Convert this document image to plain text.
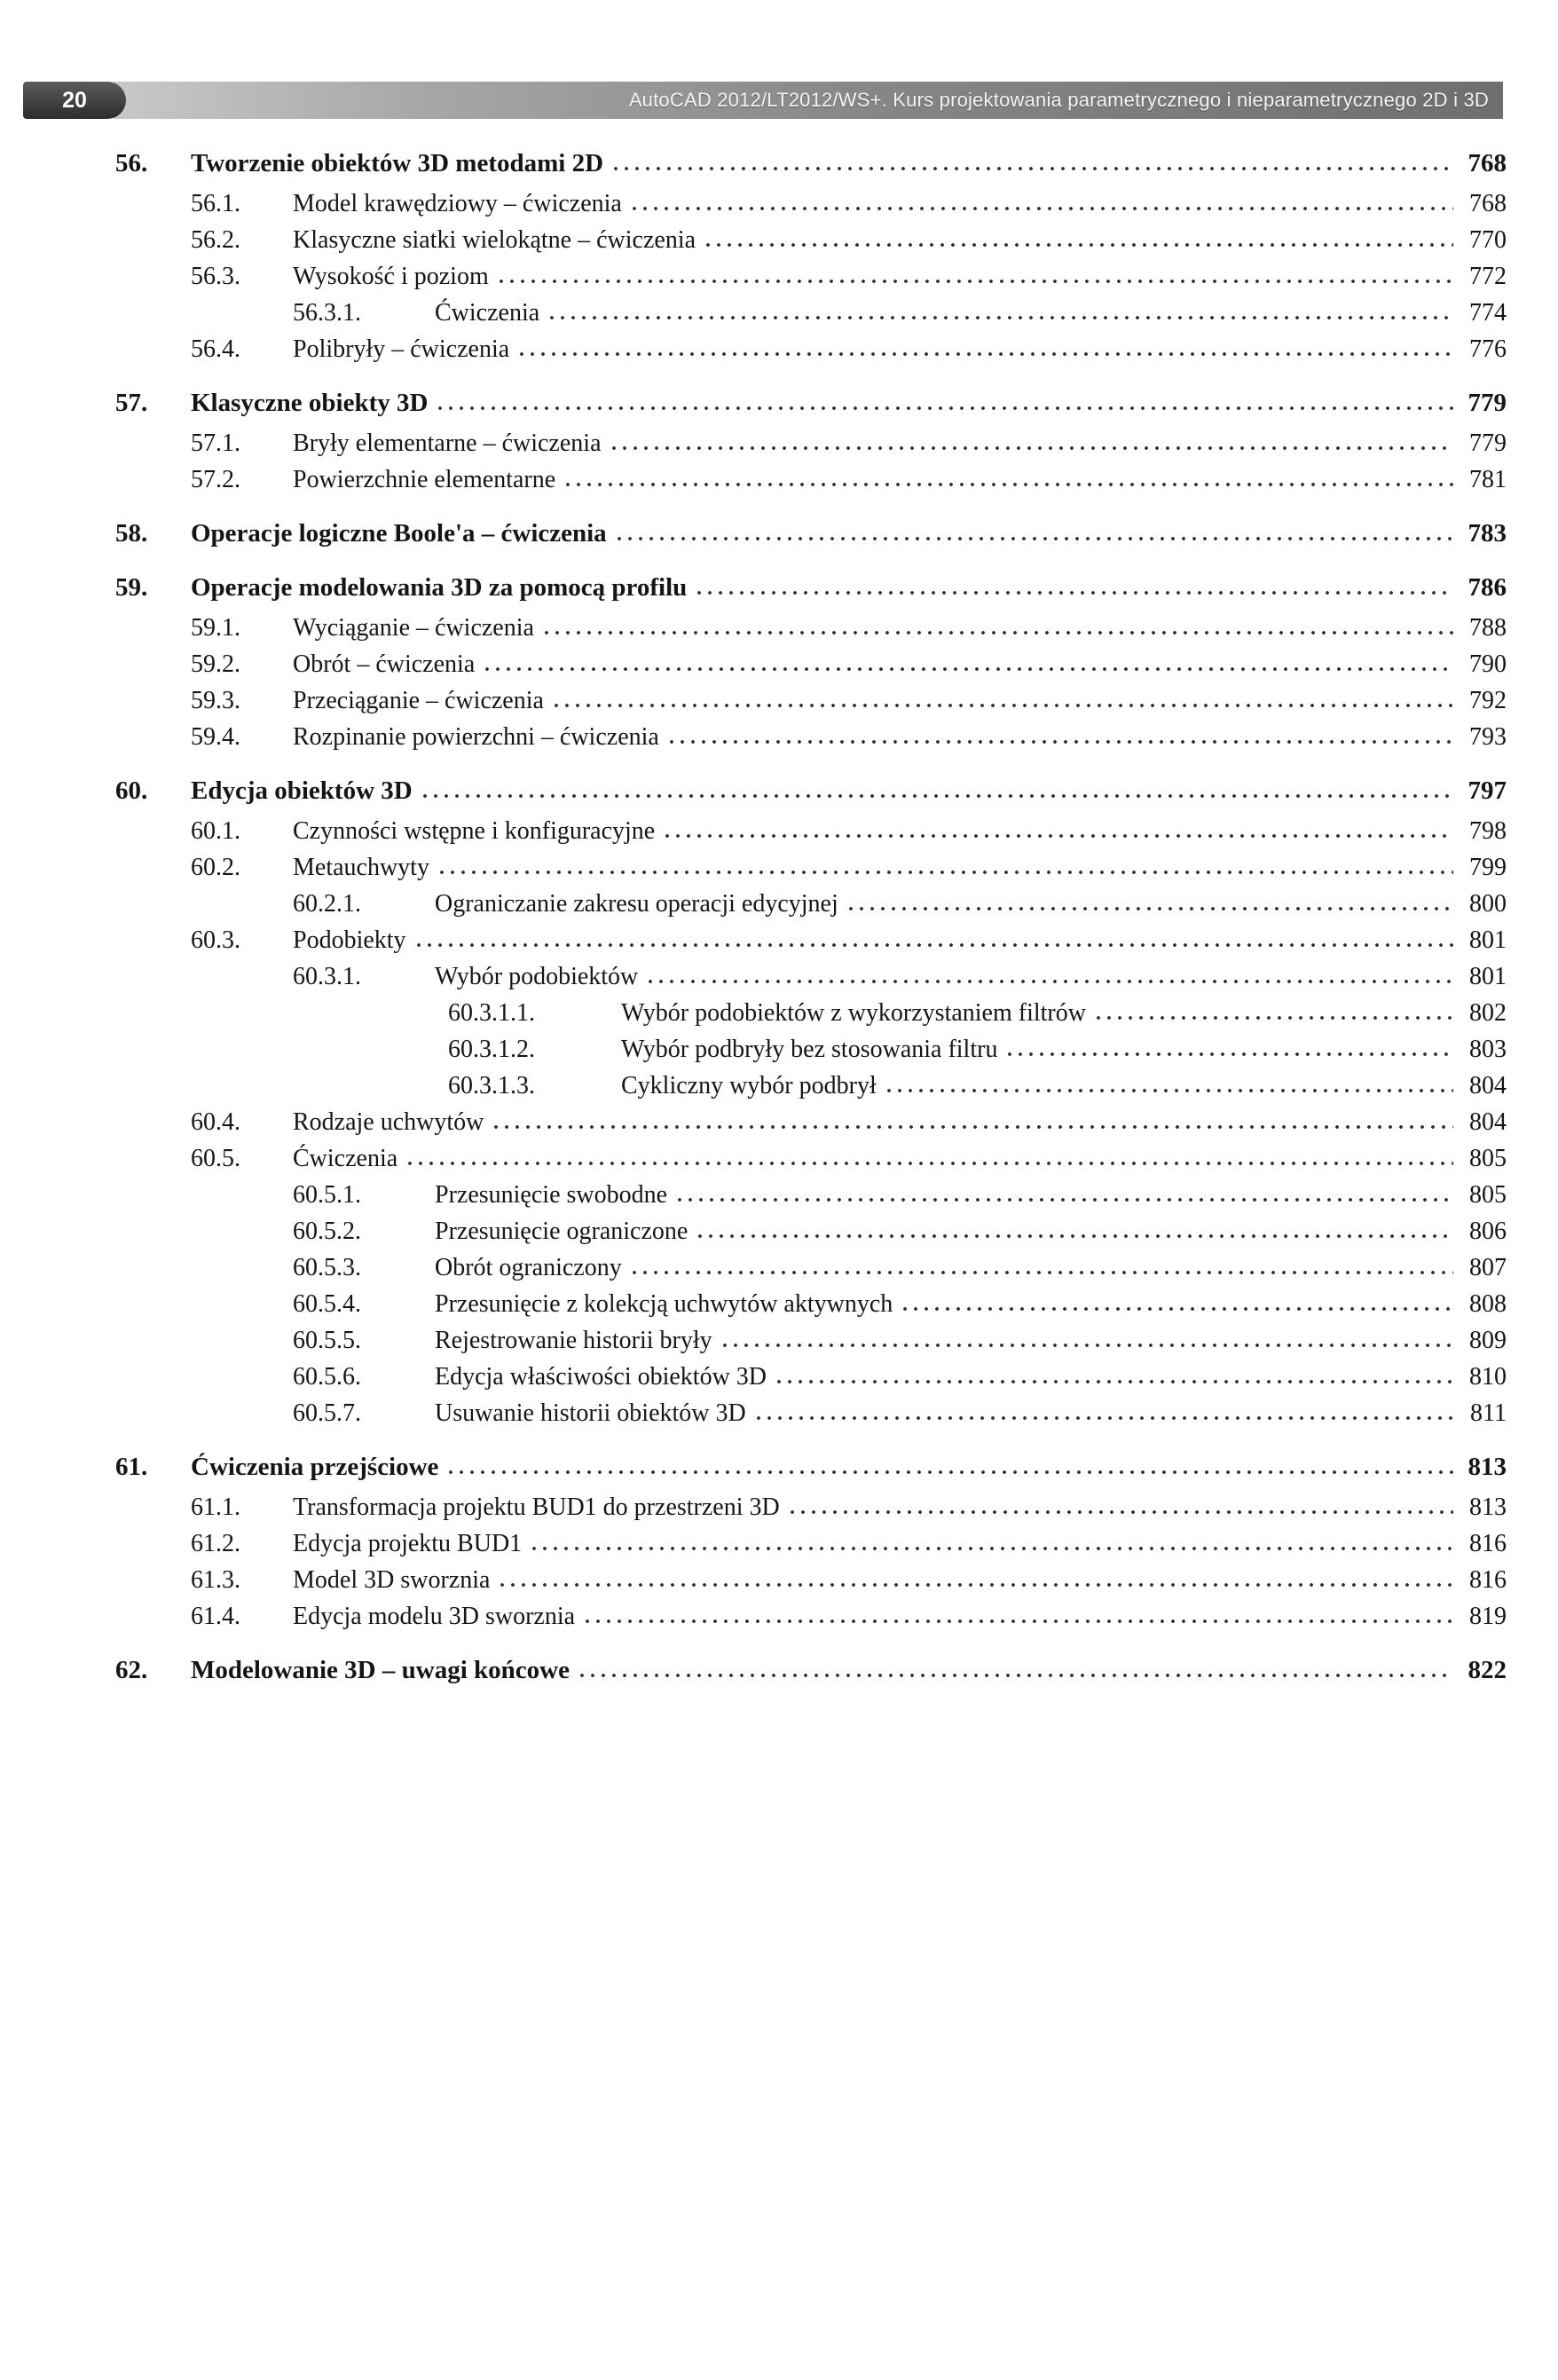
20	AutoCAD 2012/LT2012/WS+. Kurs projektowania parametrycznego i nieparametrycznego 2D i 3D
56.	Tworzenie obiektów 3D metodami 2D	768
56.1.	Model krawędziowy – ćwiczenia	768
56.2.	Klasyczne siatki wielokątne – ćwiczenia	770
56.3.	Wysokość i poziom	772
56.3.1.	Ćwiczenia	774
56.4.	Polibryły – ćwiczenia	776
57.	Klasyczne obiekty 3D	779
57.1.	Bryły elementarne – ćwiczenia	779
57.2.	Powierzchnie elementarne	781
58.	Operacje logiczne Boole'a – ćwiczenia	783
59.	Operacje modelowania 3D za pomocą profilu	786
59.1.	Wyciąganie – ćwiczenia	788
59.2.	Obrót – ćwiczenia	790
59.3.	Przeciąganie – ćwiczenia	792
59.4.	Rozpinanie powierzchni – ćwiczenia	793
60.	Edycja obiektów 3D	797
60.1.	Czynności wstępne i konfiguracyjne	798
60.2.	Metauchwyty	799
60.2.1.	Ograniczanie zakresu operacji edycyjnej	800
60.3.	Podobiekty	801
60.3.1.	Wybór podobiektów	801
60.3.1.1.	Wybór podobiektów z wykorzystaniem filtrów	802
60.3.1.2.	Wybór podbryły bez stosowania filtru	803
60.3.1.3.	Cykliczny wybór podbrył	804
60.4.	Rodzaje uchwytów	804
60.5.	Ćwiczenia	805
60.5.1.	Przesunięcie swobodne	805
60.5.2.	Przesunięcie ograniczone	806
60.5.3.	Obrót ograniczony	807
60.5.4.	Przesunięcie z kolekcją uchwytów aktywnych	808
60.5.5.	Rejestrowanie historii bryły	809
60.5.6.	Edycja właściwości obiektów 3D	810
60.5.7.	Usuwanie historii obiektów 3D	811
61.	Ćwiczenia przejściowe	813
61.1.	Transformacja projektu BUD1 do przestrzeni 3D	813
61.2.	Edycja projektu BUD1	816
61.3.	Model 3D sworznia	816
61.4.	Edycja modelu 3D sworznia	819
62.	Modelowanie 3D – uwagi końcowe	822
